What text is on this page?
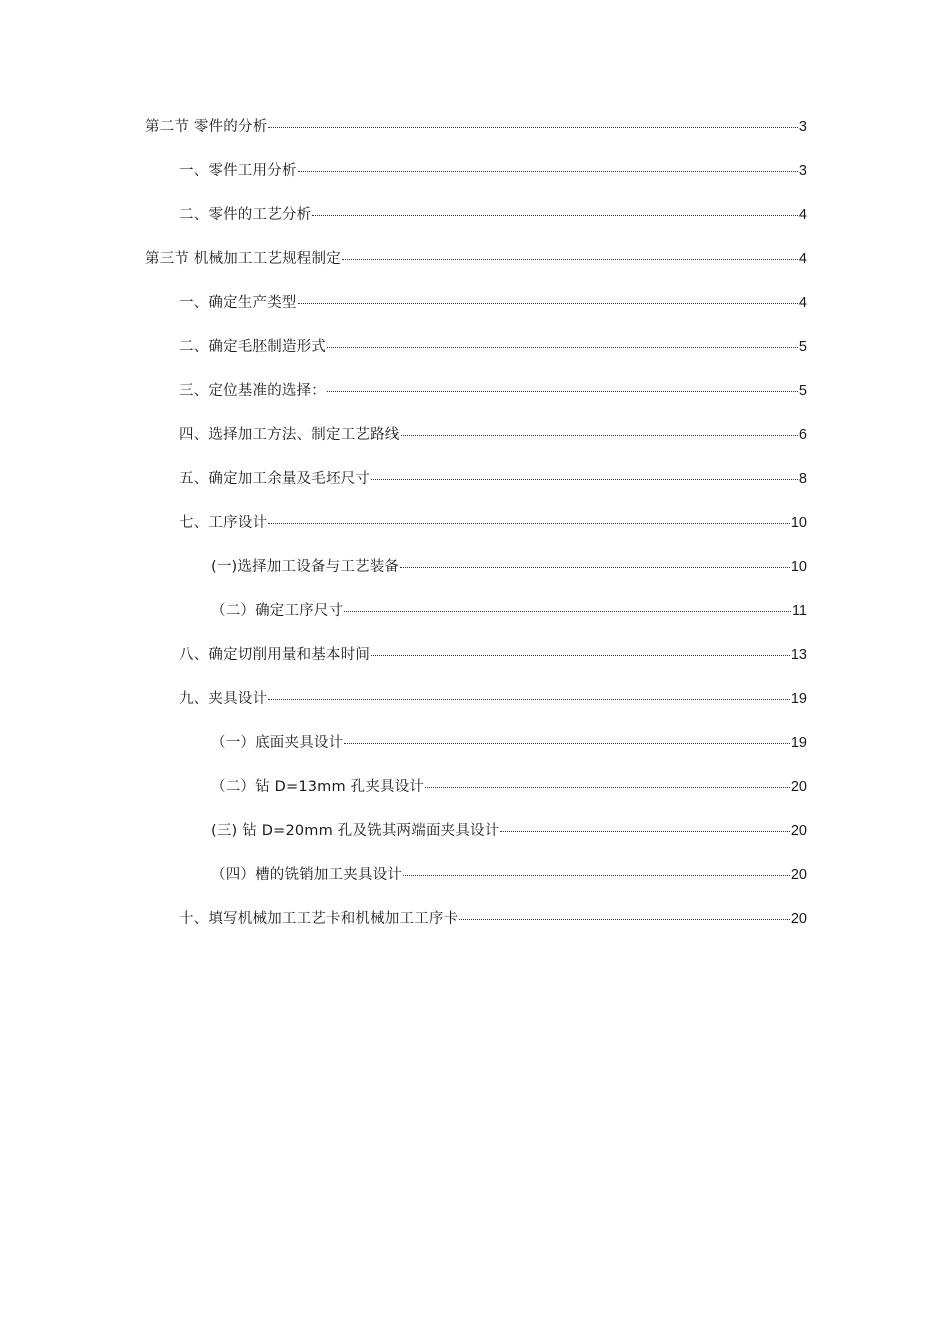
第二节 零件的分析	3
一、零件工用分析	3
二、零件的工艺分析	4
第三节 机械加工工艺规程制定	4
一、确定生产类型	4
二、确定毛胚制造形式	5
三、定位基准的选择：	5
四、选择加工方法、制定工艺路线	6
五、确定加工余量及毛坯尺寸	8
七、工序设计	10
(一)选择加工设备与工艺装备	10
（二）确定工序尺寸	11
八、确定切削用量和基本时间	13
九、夹具设计	19
（一）底面夹具设计	19
（二）钻 D=13mm 孔夹具设计	20
(三) 钻 D=20mm 孔及铣其两端面夹具设计	20
（四）槽的铣销加工夹具设计	20
十、填写机械加工工艺卡和机械加工工序卡	20
